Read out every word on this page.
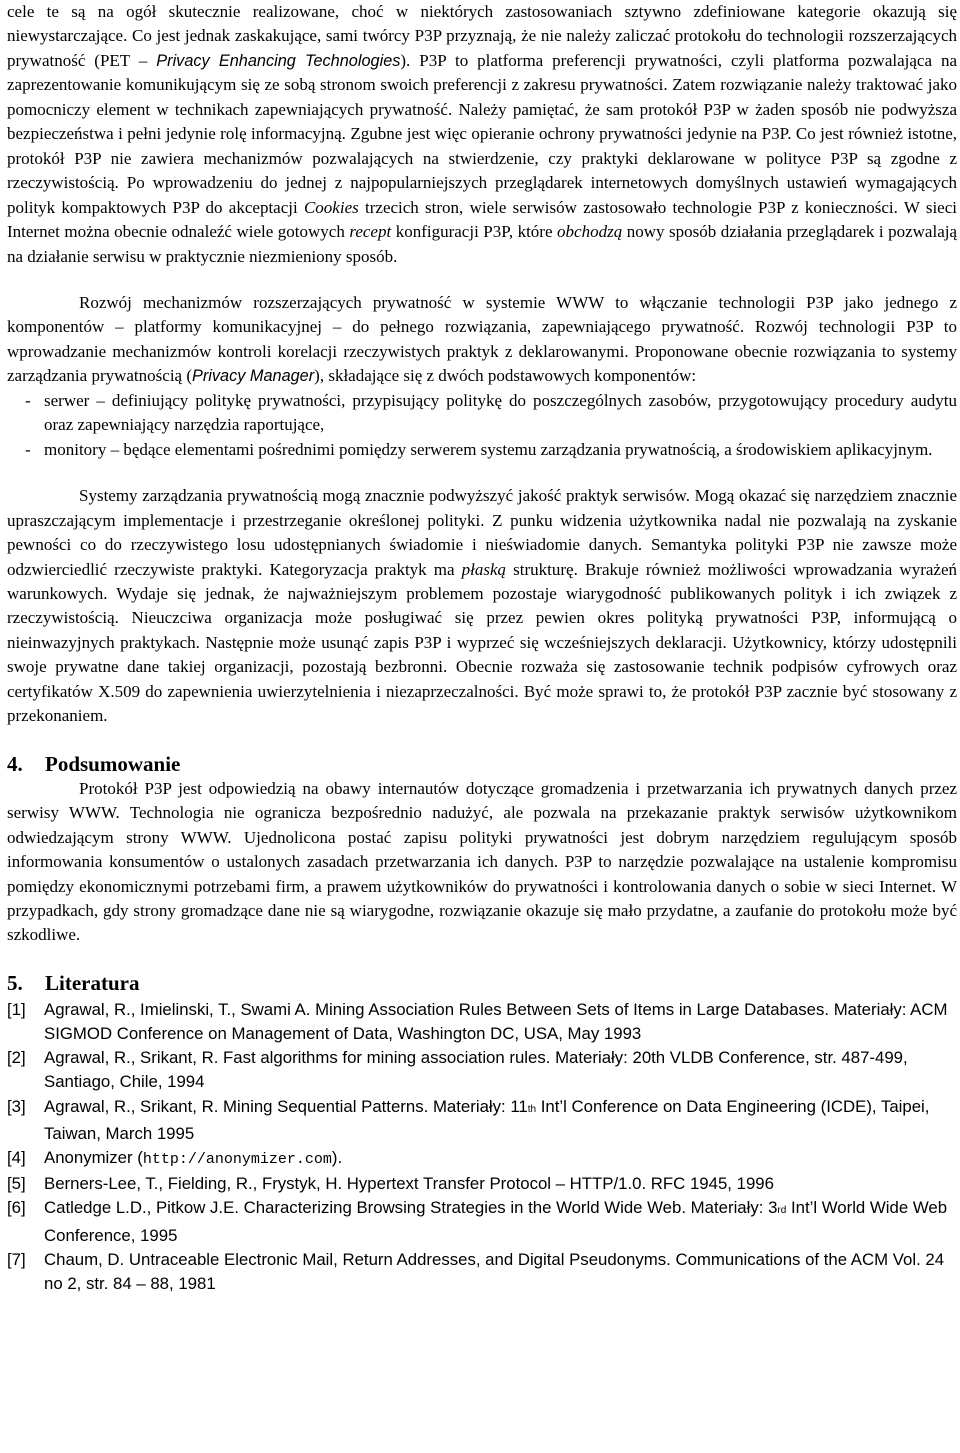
cele te są na ogół skutecznie realizowane, choć w niektórych zastosowaniach sztywno zdefiniowane kategorie okazują się niewystarczające. Co jest jednak zaskakujące, sami twórcy P3P przyznają, że nie należy zaliczać protokołu do technologii rozszerzających prywatność (PET – Privacy Enhancing Technologies). P3P to platforma preferencji prywatności, czyli platforma pozwalająca na zaprezentowanie komunikującym się ze sobą stronom swoich preferencji z zakresu prywatności. Zatem rozwiązanie należy traktować jako pomocniczy element w technikach zapewniających prywatność. Należy pamiętać, że sam protokół P3P w żaden sposób nie podwyższa bezpieczeństwa i pełni jedynie rolę informacyjną. Zgubne jest więc opieranie ochrony prywatności jedynie na P3P. Co jest również istotne, protokół P3P nie zawiera mechanizmów pozwalających na stwierdzenie, czy praktyki deklarowane w polityce P3P są zgodne z rzeczywistością. Po wprowadzeniu do jednej z najpopularniejszych przeglądarek internetowych domyślnych ustawień wymagających polityk kompaktowych P3P do akceptacji Cookies trzecich stron, wiele serwisów zastosowało technologie P3P z konieczności. W sieci Internet można obecnie odnaleźć wiele gotowych recept konfiguracji P3P, które obchodzą nowy sposób działania przeglądarek i pozwalają na działanie serwisu w praktycznie niezmieniony sposób.

Rozwój mechanizmów rozszerzających prywatność w systemie WWW to włączanie technologii P3P jako jednego z komponentów – platformy komunikacyjnej – do pełnego rozwiązania, zapewniającego prywatność. Rozwój technologii P3P to wprowadzanie mechanizmów kontroli korelacji rzeczywistych praktyk z deklarowanymi. Proponowane obecnie rozwiązania to systemy zarządzania prywatnością (Privacy Manager), składające się z dwóch podstawowych komponentów:

- serwer – definiujący politykę prywatności, przypisujący politykę do poszczególnych zasobów, przygotowujący procedury audytu oraz zapewniający narzędzia raportujące,
- monitory – będące elementami pośrednimi pomiędzy serwerem systemu zarządzania prywatnością, a środowiskiem aplikacyjnym.

Systemy zarządzania prywatnością mogą znacznie podwyższyć jakość praktyk serwisów. Mogą okazać się narzędziem znacznie upraszczającym implementacje i przestrzeganie określonej polityki. Z punku widzenia użytkownika nadal nie pozwalają na zyskanie pewności co do rzeczywistego losu udostępnianych świadomie i nieświadomie danych. Semantyka polityki P3P nie zawsze może odzwierciedlić rzeczywiste praktyki. Kategoryzacja praktyk ma płaską strukturę. Brakuje również możliwości wprowadzania wyrażeń warunkowych. Wydaje się jednak, że najważniejszym problemem pozostaje wiarygodność publikowanych polityk i ich związek z rzeczywistością. Nieuczciwa organizacja może posługiwać się przez pewien okres polityką prywatności P3P, informującą o nieinwazyjnych praktykach. Następnie może usunąć zapis P3P i wyprzeć się wcześniejszych deklaracji. Użytkownicy, którzy udostępnili swoje prywatne dane takiej organizacji, pozostają bezbronni. Obecnie rozważa się zastosowanie technik podpisów cyfrowych oraz certyfikatów X.509 do zapewnienia uwierzytelnienia i niezaprzeczalności. Być może sprawi to, że protokół P3P zacznie być stosowany z przekonaniem.

4. Podsumowanie

Protokół P3P jest odpowiedzią na obawy internautów dotyczące gromadzenia i przetwarzania ich prywatnych danych przez serwisy WWW. Technologia nie ogranicza bezpośrednio nadużyć, ale pozwala na przekazanie praktyk serwisów użytkownikom odwiedzającym strony WWW. Ujednolicona postać zapisu polityki prywatności jest dobrym narzędziem regulującym sposób informowania konsumentów o ustalonych zasadach przetwarzania ich danych. P3P to narzędzie pozwalające na ustalenie kompromisu pomiędzy ekonomicznymi potrzebami firm, a prawem użytkowników do prywatności i kontrolowania danych o sobie w sieci Internet. W przypadkach, gdy strony gromadzące dane nie są wiarygodne, rozwiązanie okazuje się mało przydatne, a zaufanie do protokołu może być szkodliwe.

5. Literatura
[1] Agrawal, R., Imielinski, T., Swami A. Mining Association Rules Between Sets of Items in Large Databases. Materiały: ACM SIGMOD Conference on Management of Data, Washington DC, USA, May 1993
[2] Agrawal, R., Srikant, R. Fast algorithms for mining association rules. Materiały: 20th VLDB Conference, str. 487-499, Santiago, Chile, 1994
[3] Agrawal, R., Srikant, R. Mining Sequential Patterns. Materiały: 11th Int’l Conference on Data Engineering (ICDE), Taipei, Taiwan, March 1995
[4] Anonymizer (http://anonymizer.com).
[5] Berners-Lee, T., Fielding, R., Frystyk, H. Hypertext Transfer Protocol – HTTP/1.0. RFC 1945, 1996
[6] Catledge L.D., Pitkow J.E. Characterizing Browsing Strategies in the World Wide Web. Materiały: 3rd Int’l World Wide Web Conference, 1995
[7] Chaum, D. Untraceable Electronic Mail, Return Addresses, and Digital Pseudonyms. Communications of the ACM Vol. 24 no 2, str. 84 – 88, 1981
